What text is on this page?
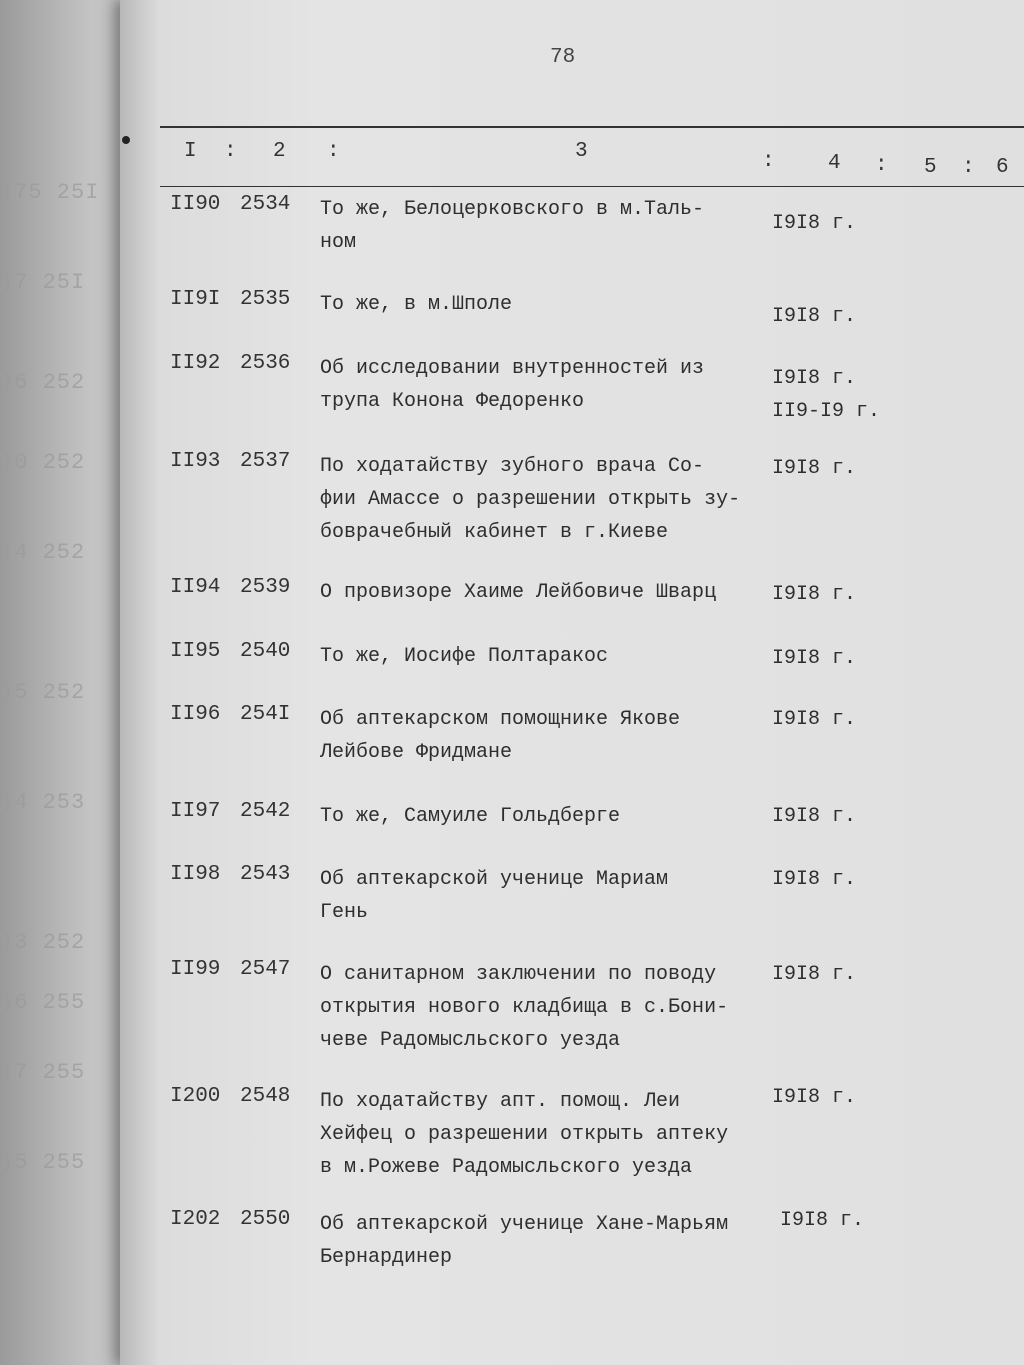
)75 25I
)7 25I
)6 252
)0 252
)4 252
)5 252
)4 253
)3 252
)6 255
)7 255
)5 255
78
I : 2 :	3	:	4 : 5 : 6
II90 2534 То же, Белоцерковского в м.Таль-
ном
I9I8 г.
II9I 2535 То же, в м.Шполе
I9I8 г.
II92 2536 Об исследовании внутренностей из
трупа Конона Федоренко
I9I8 г.
II9-I9 г.
II93 2537 По ходатайству зубного врача Со-
фии Амассе о разрешении открыть зу-
боврачебный кабинет в г.Киеве
I9I8 г.
II94 2539 О провизоре Хаиме Лейбовиче Шварц	I9I8 г.
II95 2540 То же, Иосифе Полтаракос	I9I8 г.
II96 254I Об аптекарском помощнике Якове
Лейбове Фридмане
I9I8 г.
II97 2542 То же, Самуиле Гольдберге	I9I8 г.
II98 2543 Об аптекарской ученице Мариам
Гень
I9I8 г.
II99 2547 О санитарном заключении по поводу
открытия нового кладбища в с.Бони-
чеве Радомысльского уезда
I9I8 г.
I200 2548 По ходатайству апт. помощ. Леи
Хейфец о разрешении открыть аптеку
в м.Рожеве Радомысльского уезда
I9I8 г.
I202 2550 Об аптекарской ученице Хане-Марьям
Бернардинер
I9I8 г.
